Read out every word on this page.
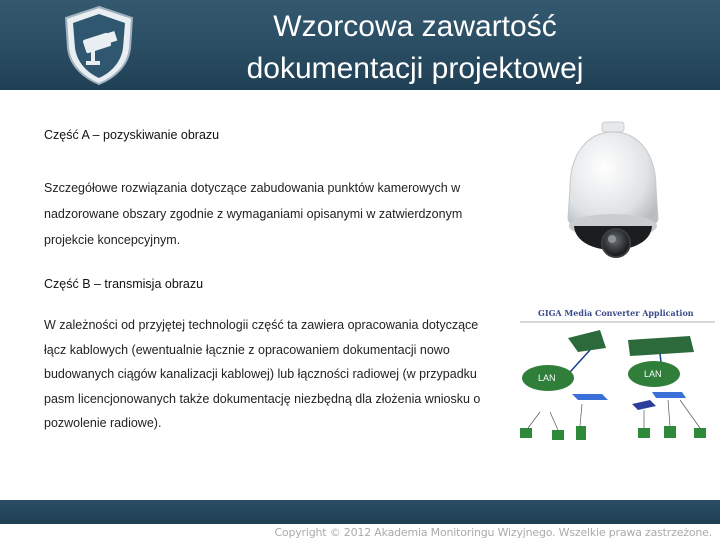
Wzorcowa zawartość
dokumentacji projektowej
Część A – pozyskiwanie obrazu
Szczegółowe rozwiązania dotyczące zabudowania punktów kamerowych w nadzorowane obszary zgodnie z wymaganiami opisanymi w zatwierdzonym projekcie koncepcyjnym.
Część B – transmisja obrazu
W zależności od przyjętej technologii część ta zawiera opracowania dotyczące łącz kablowych (ewentualnie łącznie z opracowaniem dokumentacji nowo budowanych ciągów kanalizacji kablowej) lub łączności radiowej (w przypadku pasm licencjonowanych także dokumentację niezbędną dla złożenia wniosku o pozwolenie radiowe).
GIGA Media Converter Application
LAN	LAN
Copyright © 2012 Akademia Monitoringu Wizyjnego. Wszelkie prawa zastrzeżone.
